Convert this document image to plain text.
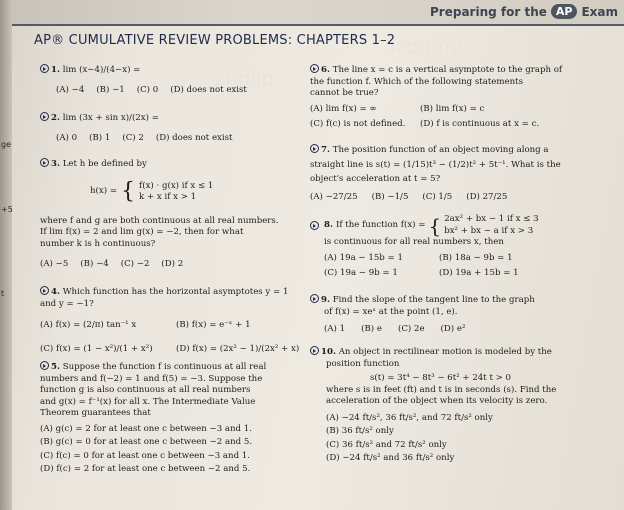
ge
+5
t
znolıp
ızoq mo
Preparing for the AP Exam
AP® CUMULATIVE REVIEW PROBLEMS: CHAPTERS 1–2
1. lim (x−4)/(4−x) =
(A) −4 (B) −1 (C) 0 (D) does not exist
2. lim (3x + sin x)/(2x) =
(A) 0 (B) 1 (C) 2 (D) does not exist
3. Let h be defined by
h(x) = { f(x) · g(x) if x ≤ 1
k + x if x > 1
where f and g are both continuous at all real numbers.
If lim f(x) = 2 and lim g(x) = −2, then for what
number k is h continuous?
(A) −5 (B) −4 (C) −2 (D) 2
4. Which function has the horizontal asymptotes y = 1
and y = −1?
(A) f(x) = (2/π) tan⁻¹ x	(B) f(x) = e⁻ˣ + 1
(C) f(x) = (1 − x²)/(1 + x²)	(D) f(x) = (2x² − 1)/(2x² + x)
5. Suppose the function f is continuous at all real
numbers and f(−2) = 1 and f(5) = −3. Suppose the
function g is also continuous at all real numbers
and g(x) = f⁻¹(x) for all x. The Intermediate Value
Theorem guarantees that
(A) g(c) = 2 for at least one c between −3 and 1.
(B) g(c) = 0 for at least one c between −2 and 5.
(C) f(c) = 0 for at least one c between −3 and 1.
(D) f(c) = 2 for at least one c between −2 and 5.
6. The line x = c is a vertical asymptote to the graph of
the function f. Which of the following statements
cannot be true?
(A) lim f(x) = ∞	(B) lim f(x) = c
(C) f(c) is not defined.	(D) f is continuous at x = c.
7. The position function of an object moving along a
straight line is s(t) = (1/15)t³ − (1/2)t² + 5t⁻¹. What is the
object's acceleration at t = 5?
(A) −27/25 (B) −1/5 (C) 1/5 (D) 27/25
8. If the function f(x) = { 2ax² + bx − 1 if x ≤ 3
bx² + bx − a if x > 3
is continuous for all real numbers x, then
(A) 19a − 15b = 1	(B) 18a − 9b = 1
(C) 19a − 9b = 1	(D) 19a + 15b = 1
9. Find the slope of the tangent line to the graph
of f(x) = xeˣ at the point (1, e).
(A) 1 (B) e (C) 2e (D) e²
10. An object in rectilinear motion is modeled by the
position function
s(t) = 3t⁴ − 8t³ − 6t² + 24t t > 0
where s is in feet (ft) and t is in seconds (s). Find the
acceleration of the object when its velocity is zero.
(A) −24 ft/s², 36 ft/s², and 72 ft/s² only
(B) 36 ft/s² only
(C) 36 ft/s² and 72 ft/s² only
(D) −24 ft/s² and 36 ft/s² only
